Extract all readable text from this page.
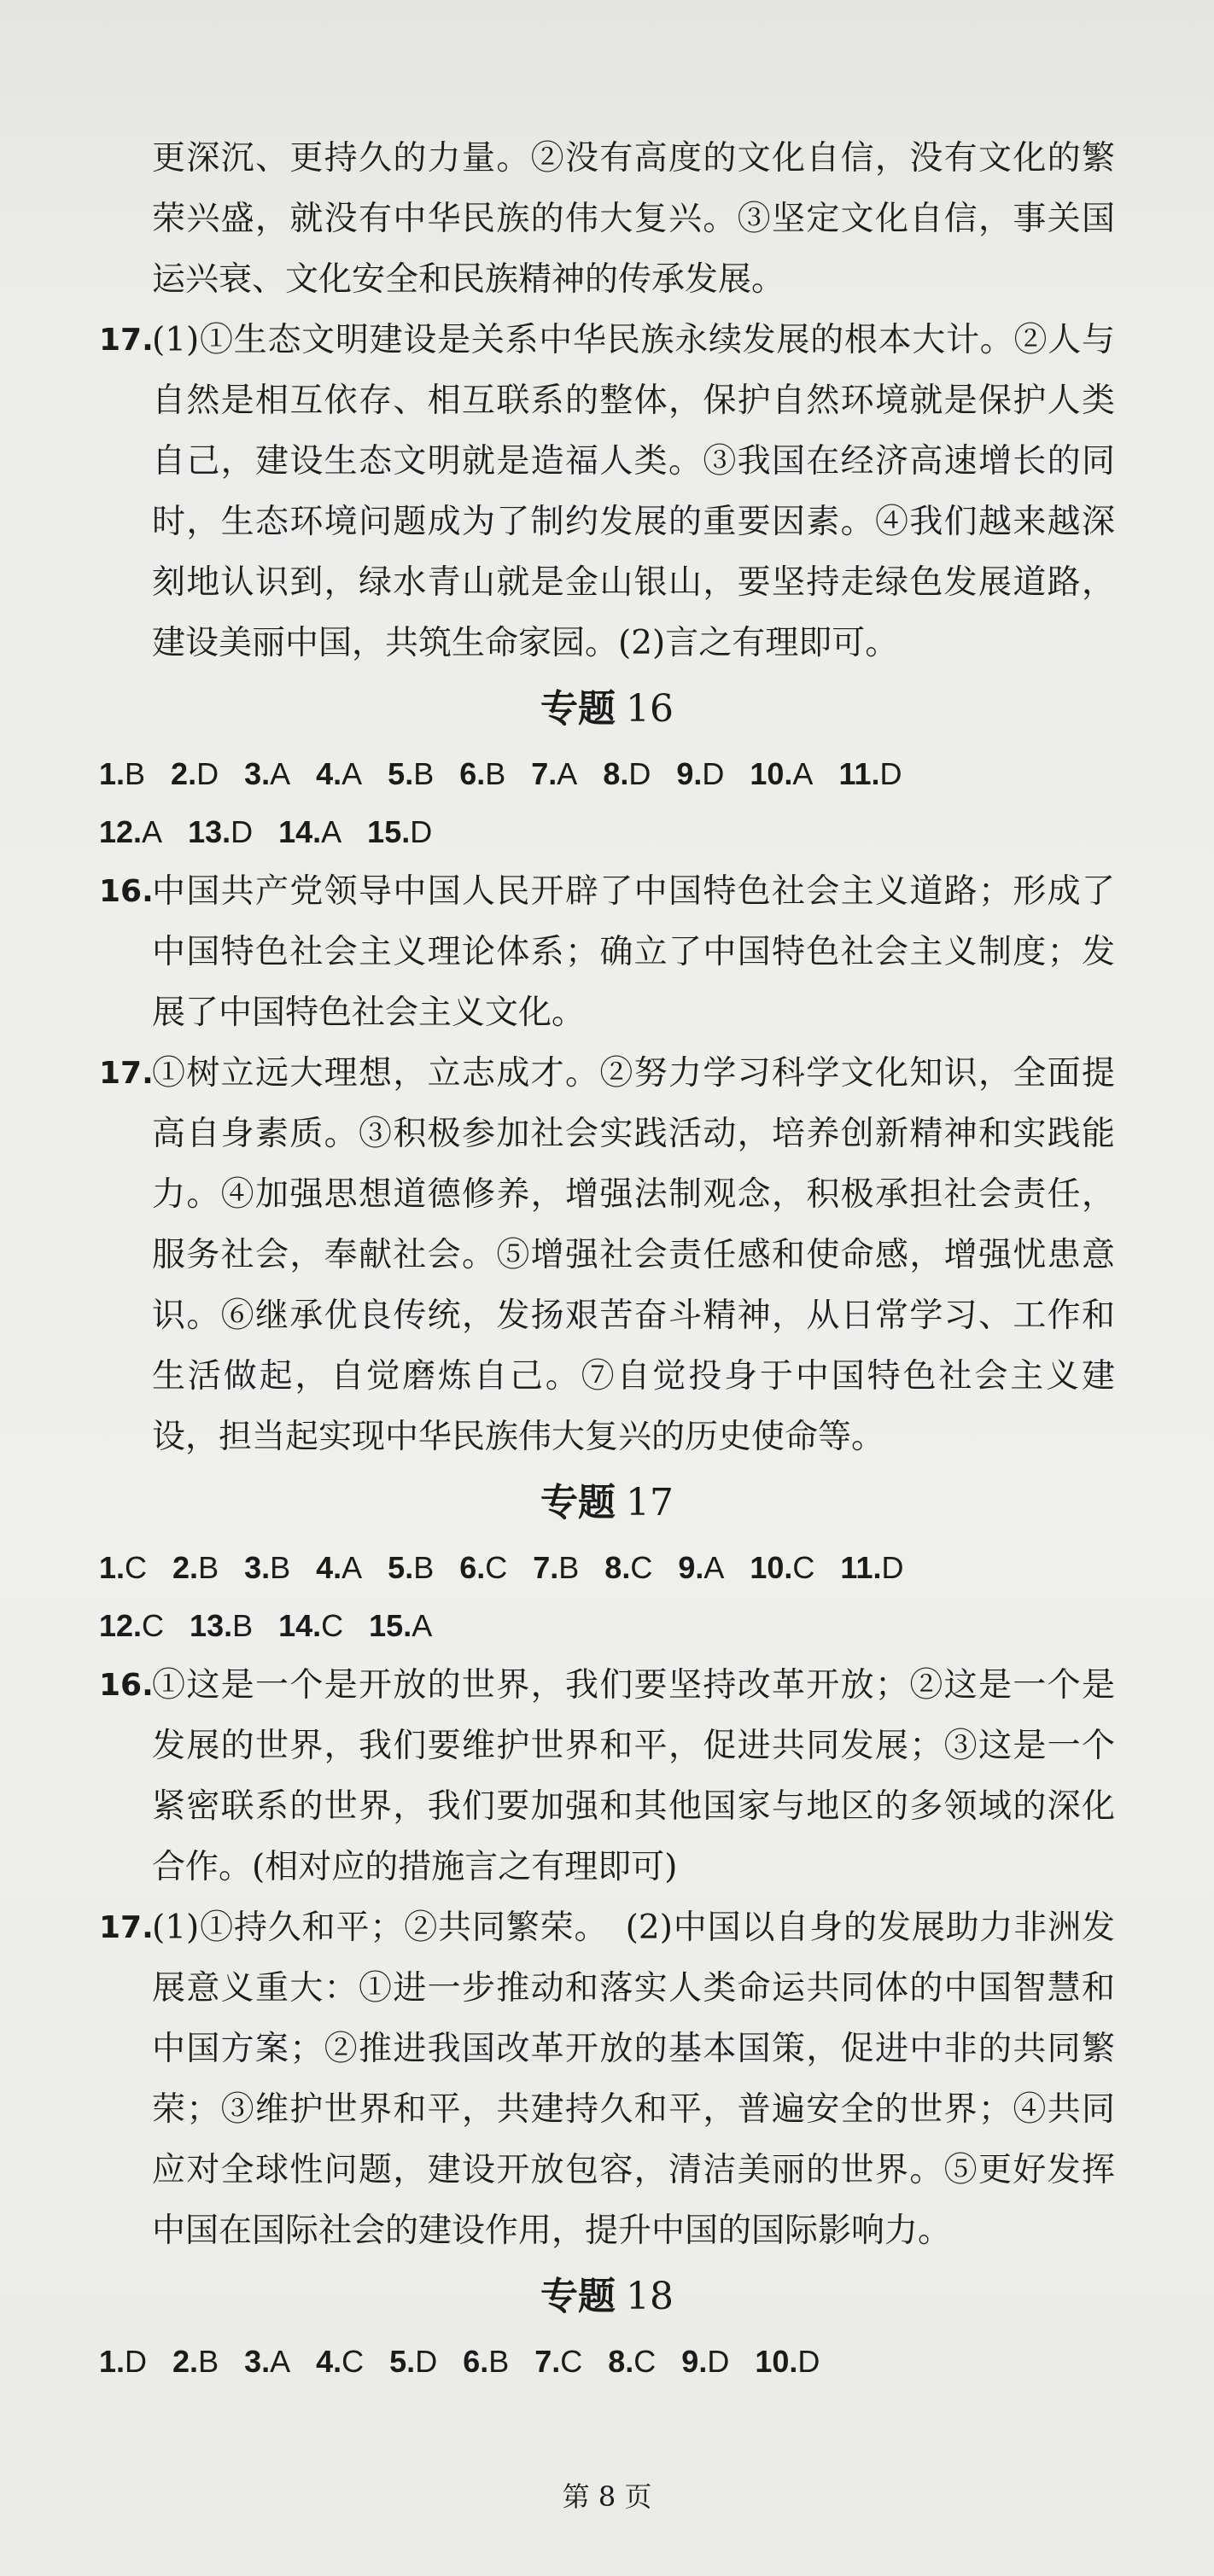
更深沉、更持久的力量。②没有高度的文化自信，没有文化的繁荣兴盛，就没有中华民族的伟大复兴。③坚定文化自信，事关国运兴衰、文化安全和民族精神的传承发展。
17.
(1)①生态文明建设是关系中华民族永续发展的根本大计。②人与自然是相互依存、相互联系的整体，保护自然环境就是保护人类自己，建设生态文明就是造福人类。③我国在经济高速增长的同时，生态环境问题成为了制约发展的重要因素。④我们越来越深刻地认识到，绿水青山就是金山银山，要坚持走绿色发展道路，建设美丽中国，共筑生命家园。(2)言之有理即可。
专题 16
1.B 2.D 3.A 4.A 5.B 6.B 7.A 8.D 9.D 10.A 11.D
12.A 13.D 14.A 15.D
16.
中国共产党领导中国人民开辟了中国特色社会主义道路；形成了中国特色社会主义理论体系；确立了中国特色社会主义制度；发展了中国特色社会主义文化。
17.
①树立远大理想，立志成才。②努力学习科学文化知识，全面提高自身素质。③积极参加社会实践活动，培养创新精神和实践能力。④加强思想道德修养，增强法制观念，积极承担社会责任，服务社会，奉献社会。⑤增强社会责任感和使命感，增强忧患意识。⑥继承优良传统，发扬艰苦奋斗精神，从日常学习、工作和生活做起，自觉磨炼自己。⑦自觉投身于中国特色社会主义建设，担当起实现中华民族伟大复兴的历史使命等。
专题 17
1.C 2.B 3.B 4.A 5.B 6.C 7.B 8.C 9.A 10.C 11.D
12.C 13.B 14.C 15.A
16.
①这是一个是开放的世界，我们要坚持改革开放；②这是一个是发展的世界，我们要维护世界和平，促进共同发展；③这是一个紧密联系的世界，我们要加强和其他国家与地区的多领域的深化合作。(相对应的措施言之有理即可)
17.
(1)①持久和平；②共同繁荣。　(2)中国以自身的发展助力非洲发展意义重大：①进一步推动和落实人类命运共同体的中国智慧和中国方案；②推进我国改革开放的基本国策，促进中非的共同繁荣；③维护世界和平，共建持久和平，普遍安全的世界；④共同应对全球性问题，建设开放包容，清洁美丽的世界。⑤更好发挥中国在国际社会的建设作用，提升中国的国际影响力。
专题 18
1.D 2.B 3.A 4.C 5.D 6.B 7.C 8.C 9.D 10.D
第 8 页
